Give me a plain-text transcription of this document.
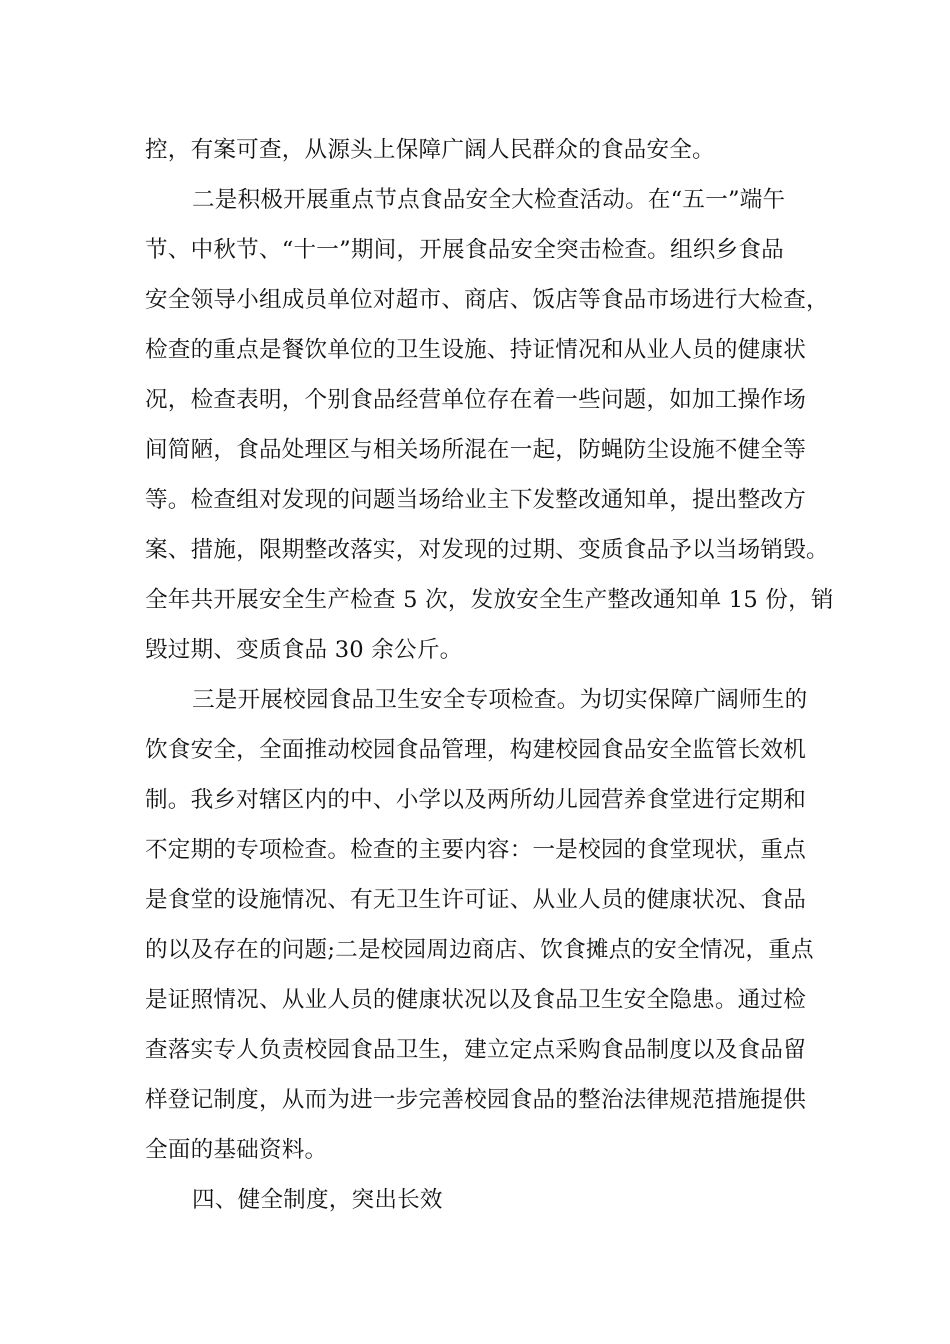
控，有案可查，从源头上保障广阔人民群众的食品安全。
二是积极开展重点节点食品安全大检查活动。在“五一”端午
节、中秋节、“十一”期间，开展食品安全突击检查。组织乡食品
安全领导小组成员单位对超市、商店、饭店等食品市场进行大检查，
检查的重点是餐饮单位的卫生设施、持证情况和从业人员的健康状
况，检查表明，个别食品经营单位存在着一些问题，如加工操作场
间简陋，食品处理区与相关场所混在一起，防蝇防尘设施不健全等
等。检查组对发现的问题当场给业主下发整改通知单，提出整改方
案、措施，限期整改落实，对发现的过期、变质食品予以当场销毁。
全年共开展安全生产检查 5 次，发放安全生产整改通知单 15 份，销
毁过期、变质食品 30 余公斤。
三是开展校园食品卫生安全专项检查。为切实保障广阔师生的
饮食安全，全面推动校园食品管理，构建校园食品安全监管长效机
制。我乡对辖区内的中、小学以及两所幼儿园营养食堂进行定期和
不定期的专项检查。检查的主要内容：一是校园的食堂现状，重点
是食堂的设施情况、有无卫生许可证、从业人员的健康状况、食品
的以及存在的问题;二是校园周边商店、饮食摊点的安全情况，重点
是证照情况、从业人员的健康状况以及食品卫生安全隐患。通过检
查落实专人负责校园食品卫生，建立定点采购食品制度以及食品留
样登记制度，从而为进一步完善校园食品的整治法律规范措施提供
全面的基础资料。
四、健全制度，突出长效
